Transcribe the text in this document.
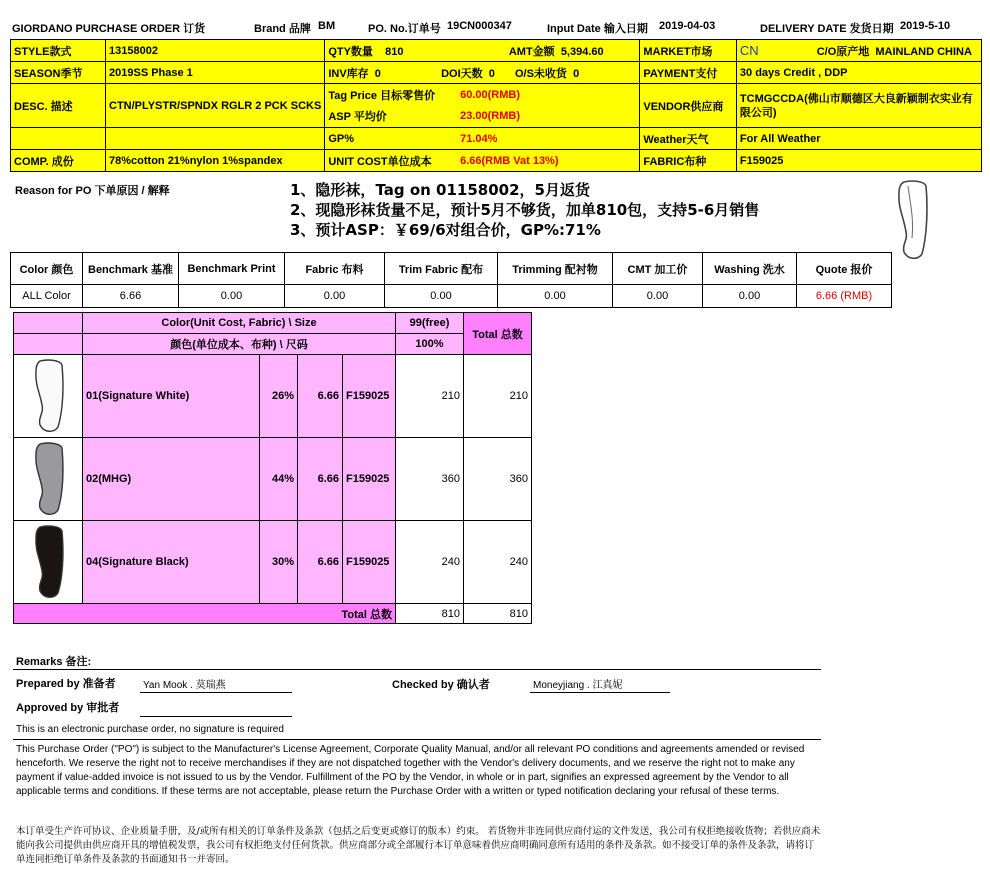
GIORDANO PURCHASE ORDER 订货	Brand 品牌 BM	PO. No.订单号 19CN000347	Input Date 输入日期 2019-04-03	DELIVERY DATE 发货日期 2019-5-10
STYLE款式	13158002	QTY数量 810		AMT金额 5,394.60	MARKET市场	CN C/O原产地 MAINLAND CHINA
SEASON季节	2019SS Phase 1	INV库存 0	DOI天数 0	O/S未收货 0	PAYMENT支付	30 days Credit , DDP
DESC. 描述	CTN/PLYSTR/SPNDX RGLR 2 PCK SCKS	Tag Price 目标零售价	60.00(RMB)		VENDOR供应商	TCMGCCDA(佛山市顺德区大良新颖制衣实业有限公司)
		ASP 平均价	23.00(RMB)			
		GP%	71.04%		Weather天气	For All Weather
COMP. 成份	78%cotton 21%nylon 1%spandex	UNIT COST单位成本	6.66(RMB Vat 13%)		FABRIC布种	F159025
Reason for PO 下单原因 / 解释	1、隐形袜，Tag on 01158002，5月返货
2、现隐形袜货量不足，预计5月不够货，加单810包，支持5-6月销售
3、预计ASP：￥69/6对组合价，GP%:71%
Color 颜色	Benchmark 基准	Benchmark Print	Fabric 布料	Trim Fabric 配布	Trimming 配衬物	CMT 加工价	Washing 洗水	Quote 报价
ALL Color	6.66	0.00	0.00	0.00	0.00	0.00	0.00	6.66 (RMB)
	Color(Unit Cost, Fabric) \ Size				99(free)	Total 总数
	颜色(单位成本、布种) \ 尺码				100%	

	01(Signature White)	26%	6.66	F159025	210	210

	02(MHG)	44%	6.66	F159025	360	360

	04(Signature Black)	30%	6.66	F159025	240	240
	Total 总数				810	810
Remarks 备注:
Prepared by 准备者	Yan Mook . 莫瑞燕	Checked by 确认者	Moneyjiang . 江真妮
Approved by 审批者
This is an electronic purchase order, no signature is required
This Purchase Order ("PO") is subject to the Manufacturer's License Agreement, Corporate Quality Manual, and/or all relevant PO conditions and agreements amended or revised henceforth. We reserve the right not to receive merchandises if they are not dispatched together with the Vendor's delivery documents, and we reserve the right not to make any payment if value-added invoice is not issued to us by the Vendor. Fulfillment of the PO by the Vendor, in whole or in part, signifies an expressed agreement by the Vendor to all applicable terms and conditions. If these terms are not acceptable, please return the Purchase Order with a written or typed notification declaring your refusal of these terms.
本订单受生产许可协议、企业质量手册，及/或所有相关的订单条件及条款（包括之后变更或修订的版本）约束。 若货物并非连同供应商付运的文件发送，我公司有权拒绝接收货物；若供应商未能向我公司提供由供应商开具的增值税发票，我公司有权拒绝支付任何货款。供应商部分或全部履行本订单意味着供应商明确同意所有适用的条件及条款。如不接受订单的条件及条款，请将订单连同拒绝订单条件及条款的书面通知书一并寄回。
